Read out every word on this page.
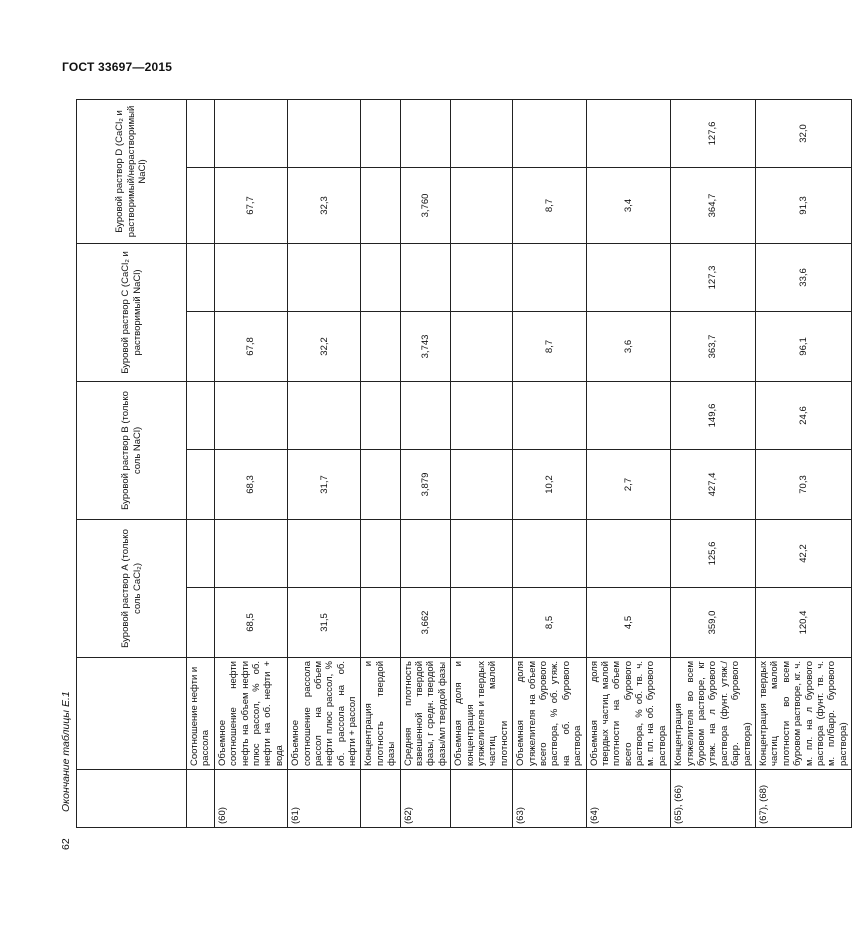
ГОСТ 33697—2015
62
Окончание таблицы Е.1
		Буровой раствор А (только соль CaCl₂)		Буровой раствор В (только соль NaCl)		Буровой раствор С (CaCl₂ и растворимый NaCl)		Буровой раствор D (CaCl₂ и растворимый/нерастворимый NaCl)	
	Соотношение нефти и рассола								
(60)	Объемное соотношение нефти нефть на объем нефти плюс рассол, % об. нефти на об. нефти + вода	68,5		68,3		67,8		67,7	
(61)	Объемное соотношение рассола рассол на объем нефти плюс рассол, % об. рассола на об. нефти + рассол	31,5		31,7		32,2		32,3	
	Концентрация и плотность твердой фазы								
(62)	Средняя плотность взвешенной твердой фазы, г средн. твердой фазы/мл твердой фазы	3,662		3,879		3,743		3,760	
	Объемная доля и концентрация утяжелителя и твердых частиц малой плотности								
(63)	Объемная доля утяжелителя на объем всего бурового раствора, % об. утяж. на об. бурового раствора	8,5		10,2		8,7		8,7	
(64)	Объемная доля твердых частиц малой плотности на объем всего бурового раствора, % об. тв. ч. м. пл. на об. бурового раствора	4,5		2,7		3,6		3,4	
(65), (66)	Концентрация утяжелителя во всем буровом растворе, кг утяж. на л бурового раствора (фунт. утяж./барр. бурового раствора)	359,0	125,6	427,4	149,6	363,7	127,3	364,7	127,6
(67), (68)	Концентрация твердых частиц малой плотности во всем буровом растворе, кг. ч. м. пл. на л бурового раствора (фунт. тв. ч. м. пл/барр. бурового раствора)	120,4	42,2	70,3	24,6	96,1	33,6	91,3	32,0
